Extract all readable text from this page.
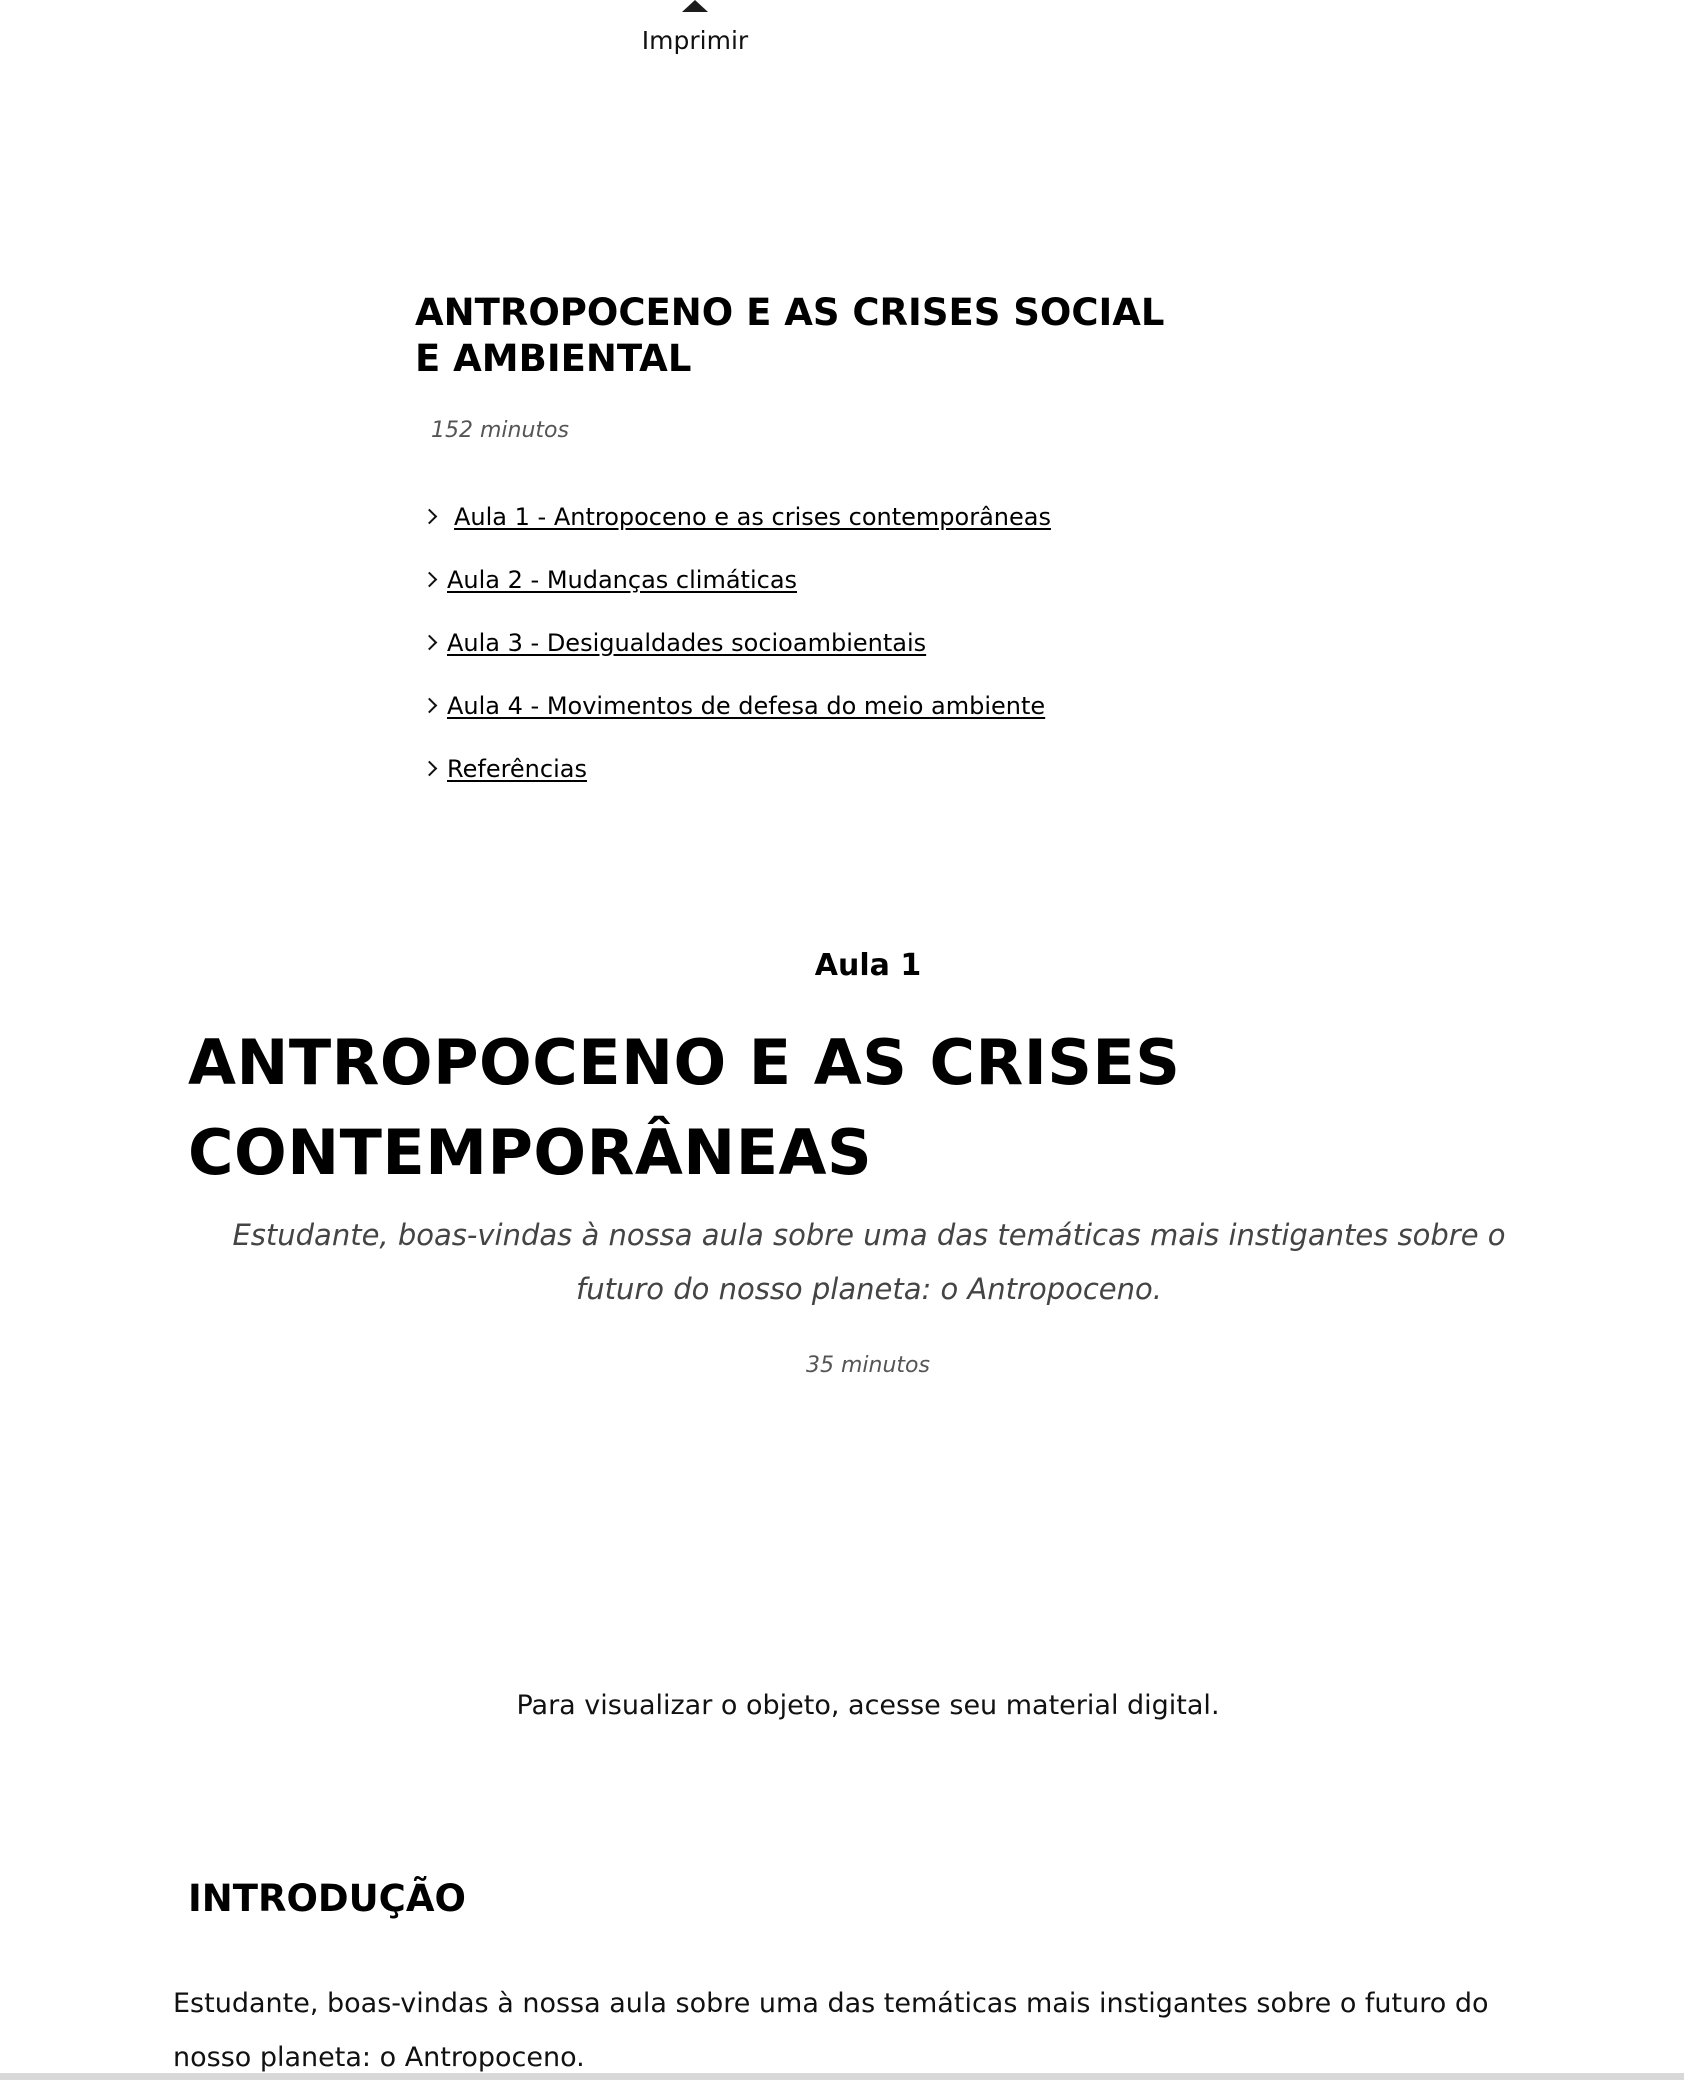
Imprimir
ANTROPOCENO E AS CRISES SOCIAL E AMBIENTAL
152 minutos
Aula 1 - Antropoceno e as crises contemporâneas
Aula 2 - Mudanças climáticas
Aula 3 - Desigualdades socioambientais
Aula 4 - Movimentos de defesa do meio ambiente
Referências
Aula 1
ANTROPOCENO E AS CRISES CONTEMPORÂNEAS

Estudante, boas-vindas à nossa aula sobre uma das temáticas mais instigantes sobre o futuro do nosso planeta: o Antropoceno.

35 minutos
Para visualizar o objeto, acesse seu material digital.
INTRODUÇÃO

Estudante, boas-vindas à nossa aula sobre uma das temáticas mais instigantes sobre o futuro do nosso planeta: o Antropoceno.
